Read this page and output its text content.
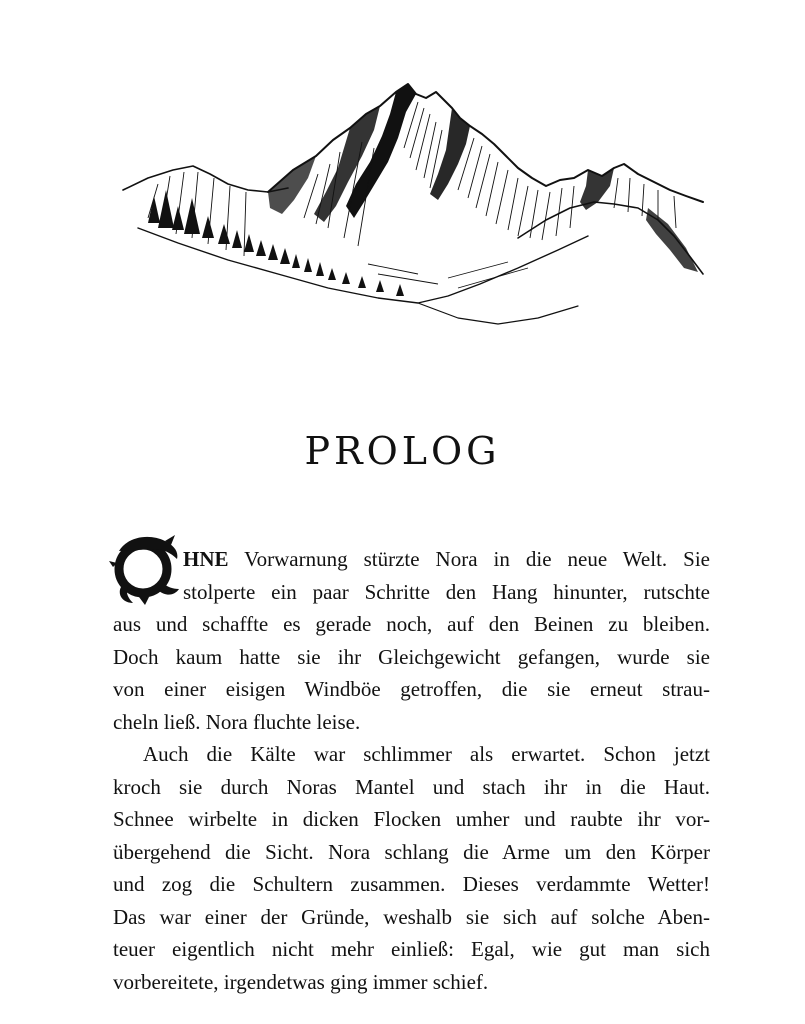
PROLOG
HNE Vorwarnung stürzte Nora in die neue Welt. Sie
stolperte ein paar Schritte den Hang hinunter, rutschte
aus und schaffte es gerade noch, auf den Beinen zu bleiben.
Doch kaum hatte sie ihr Gleichgewicht gefangen, wurde sie
von einer eisigen Windböe getroffen, die sie erneut strau-
cheln ließ. Nora fluchte leise.
Auch die Kälte war schlimmer als erwartet. Schon jetzt
kroch sie durch Noras Mantel und stach ihr in die Haut.
Schnee wirbelte in dicken Flocken umher und raubte ihr vor-
übergehend die Sicht. Nora schlang die Arme um den Körper
und zog die Schultern zusammen. Dieses verdammte Wetter!
Das war einer der Gründe, weshalb sie sich auf solche Aben-
teuer eigentlich nicht mehr einließ: Egal, wie gut man sich
vorbereitete, irgendetwas ging immer schief.
